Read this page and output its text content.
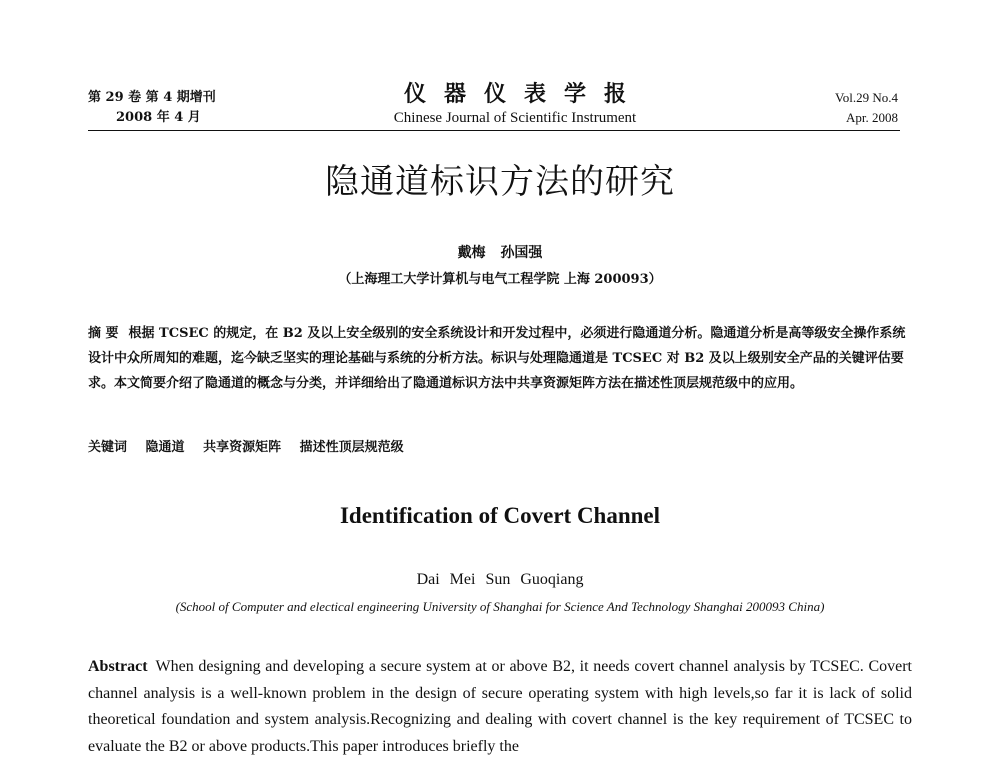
第 29 卷 第 4 期增刊
2008 年 4 月
仪器仪表学报
Chinese Journal of Scientific Instrument
Vol.29 No.4
Apr. 2008
隐通道标识方法的研究
戴梅 孙国强
（上海理工大学计算机与电气工程学院 上海 200093）
摘 要 根据 TCSEC 的规定，在 B2 及以上安全级别的安全系统设计和开发过程中，必须进行隐通道分析。隐通道分析是高等级安全操作系统设计中众所周知的难题，迄今缺乏坚实的理论基础与系统的分析方法。标识与处理隐通道是 TCSEC 对 B2 及以上级别安全产品的关键评估要求。本文简要介绍了隐通道的概念与分类，并详细给出了隐通道标识方法中共享资源矩阵方法在描述性顶层规范级中的应用。
关键词 隐通道 共享资源矩阵 描述性顶层规范级
Identification of Covert Channel
Dai Mei Sun Guoqiang
(School of Computer and electical engineering University of Shanghai for Science And Technology Shanghai 200093 China)
Abstract When designing and developing a secure system at or above B2, it needs covert channel analysis by TCSEC. Covert channel analysis is a well-known problem in the design of secure operating system with high levels,so far it is lack of solid theoretical foundation and system analysis.Recognizing and dealing with covert channel is the key requirement of TCSEC to evaluate the B2 or above products.This paper introduces briefly the
